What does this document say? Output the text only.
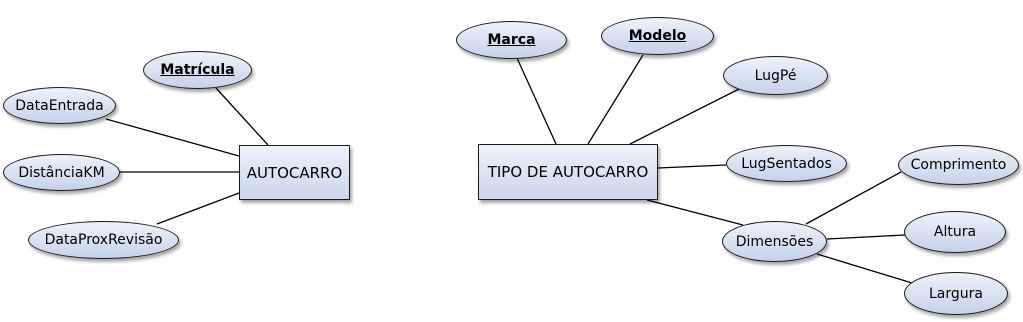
AUTOCARRO	TIPO DE AUTOCARRO
Matrícula
DataEntrada
DistânciaKM
DataProxRevisão
Marca	Modelo
LugPé
LugSentados
Dimensões
Comprimento
Altura
Largura
